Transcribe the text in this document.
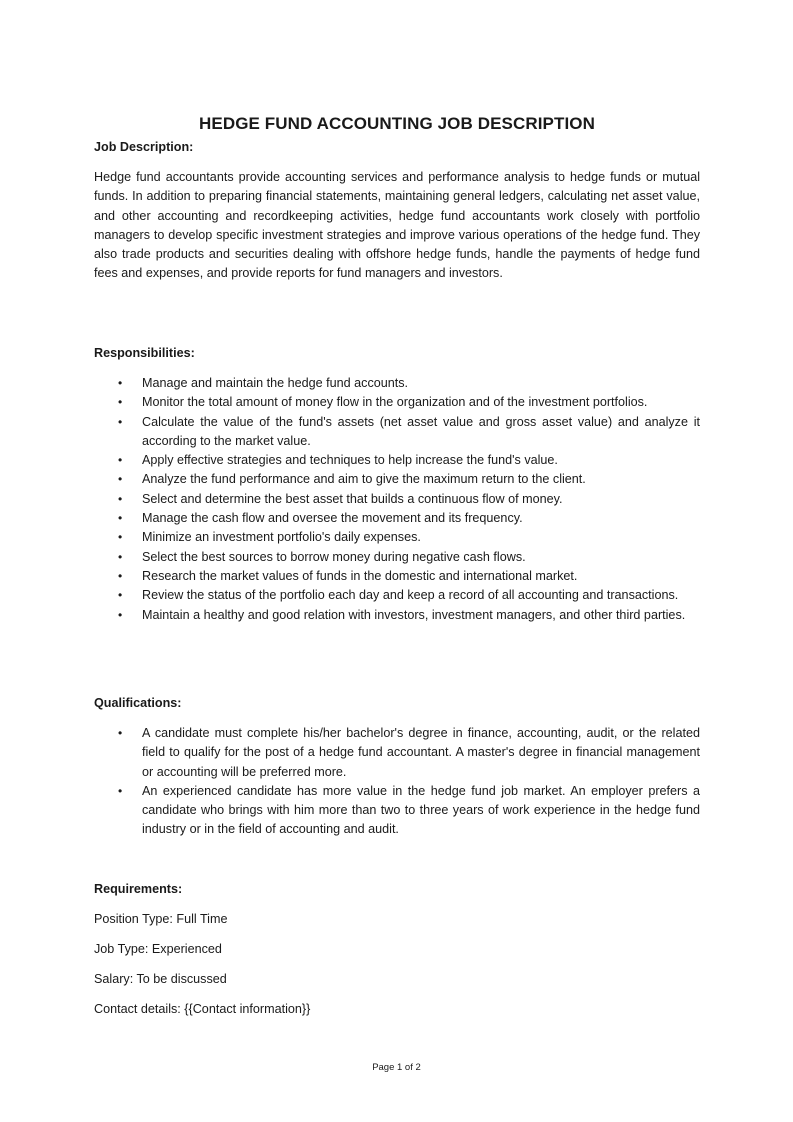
HEDGE FUND ACCOUNTING JOB DESCRIPTION

Job Description:

Hedge fund accountants provide accounting services and performance analysis to hedge funds or mutual funds. In addition to preparing financial statements, maintaining general ledgers, calculating net asset value, and other accounting and recordkeeping activities, hedge fund accountants work closely with portfolio managers to develop specific investment strategies and improve various operations of the hedge fund. They also trade products and securities dealing with offshore hedge funds, handle the payments of hedge fund fees and expenses, and provide reports for fund managers and investors.

Responsibilities:

• Manage and maintain the hedge fund accounts.
• Monitor the total amount of money flow in the organization and of the investment portfolios.
• Calculate the value of the fund's assets (net asset value and gross asset value) and analyze it according to the market value.
• Apply effective strategies and techniques to help increase the fund's value.
• Analyze the fund performance and aim to give the maximum return to the client.
• Select and determine the best asset that builds a continuous flow of money.
• Manage the cash flow and oversee the movement and its frequency.
• Minimize an investment portfolio's daily expenses.
• Select the best sources to borrow money during negative cash flows.
• Research the market values of funds in the domestic and international market.
• Review the status of the portfolio each day and keep a record of all accounting and transactions.
• Maintain a healthy and good relation with investors, investment managers, and other third parties.

Qualifications:

• A candidate must complete his/her bachelor's degree in finance, accounting, audit, or the related field to qualify for the post of a hedge fund accountant. A master's degree in financial management or accounting will be preferred more.
• An experienced candidate has more value in the hedge fund job market. An employer prefers a candidate who brings with him more than two to three years of work experience in the hedge fund industry or in the field of accounting and audit.

Requirements:

Position Type: Full Time

Job Type: Experienced

Salary: To be discussed

Contact details: {{Contact information}}

Page 1 of 2
